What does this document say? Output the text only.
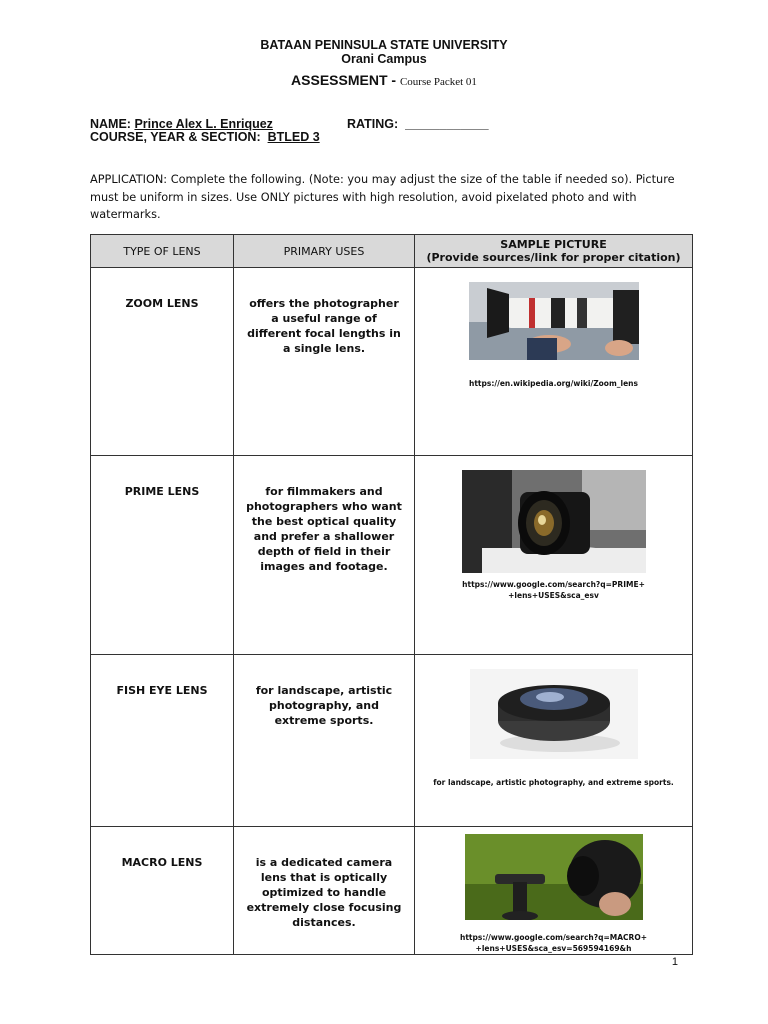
BATAAN PENINSULA STATE UNIVERSITY
Orani Campus
ASSESSMENT - Course Packet 01
NAME: Prince Alex L. Enriquez	RATING: ____________
COURSE, YEAR & SECTION: BTLED 3
APPLICATION: Complete the following. (Note: you may adjust the size of the table if needed so). Picture must be uniform in sizes. Use ONLY pictures with high resolution, avoid pixelated photo and with watermarks.
TYPE OF LENS	PRIMARY USES	SAMPLE PICTURE
(Provide sources/link for proper citation)

ZOOM LENS	offers the photographer a useful range of different focal lengths in a single lens.	https://en.wikipedia.org/wiki/Zoom_lens

PRIME LENS	for filmmakers and photographers who want the best optical quality and prefer a shallower depth of field in their images and footage.	https://www.google.com/search?q=PRIME+ +lens+USES&sca_esv

FISH EYE LENS	for landscape, artistic photography, and extreme sports.	for landscape, artistic photography, and extreme sports.

MACRO LENS	is a dedicated camera lens that is optically optimized to handle extremely close focusing distances.	https://www.google.com/search?q=MACRO+ +lens+USES&sca_esv=569594169&h
1
